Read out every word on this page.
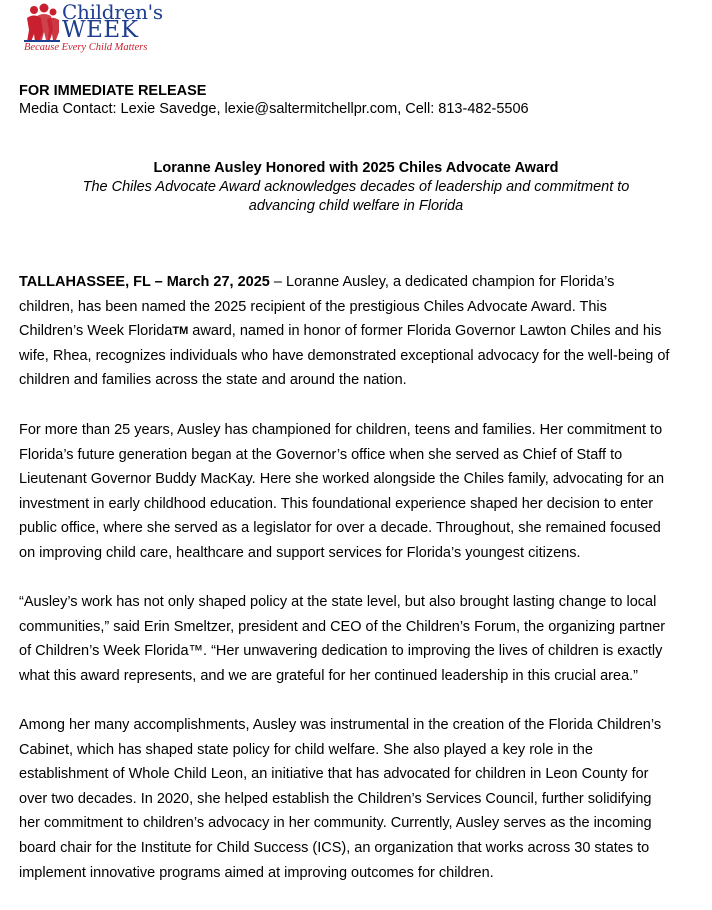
Children's
WEEK
Because Every Child Matters
FOR IMMEDIATE RELEASE
Media Contact: Lexie Savedge, lexie@saltermitchellpr.com, Cell: 813-482-5506
Loranne Ausley Honored with 2025 Chiles Advocate Award
The Chiles Advocate Award acknowledges decades of leadership and commitment to
advancing child welfare in Florida
TALLAHASSEE, FL – March 27, 2025 – Loranne Ausley, a dedicated champion for Florida’s
children, has been named the 2025 recipient of the prestigious Chiles Advocate Award. This
Children’s Week FloridaTM award, named in honor of former Florida Governor Lawton Chiles and his
wife, Rhea, recognizes individuals who have demonstrated exceptional advocacy for the well-being of
children and families across the state and around the nation.
For more than 25 years, Ausley has championed for children, teens and families. Her commitment to
Florida’s future generation began at the Governor’s office when she served as Chief of Staff to
Lieutenant Governor Buddy MacKay. Here she worked alongside the Chiles family, advocating for an
investment in early childhood education. This foundational experience shaped her decision to enter
public office, where she served as a legislator for over a decade. Throughout, she remained focused
on improving child care, healthcare and support services for Florida’s youngest citizens.
“Ausley’s work has not only shaped policy at the state level, but also brought lasting change to local
communities,” said Erin Smeltzer, president and CEO of the Children’s Forum, the organizing partner
of Children’s Week Florida™. “Her unwavering dedication to improving the lives of children is exactly
what this award represents, and we are grateful for her continued leadership in this crucial area.”
Among her many accomplishments, Ausley was instrumental in the creation of the Florida Children’s
Cabinet, which has shaped state policy for child welfare. She also played a key role in the
establishment of Whole Child Leon, an initiative that has advocated for children in Leon County for
over two decades. In 2020, she helped establish the Children’s Services Council, further solidifying
her commitment to children’s advocacy in her community. Currently, Ausley serves as the incoming
board chair for the Institute for Child Success (ICS), an organization that works across 30 states to
implement innovative programs aimed at improving outcomes for children.
